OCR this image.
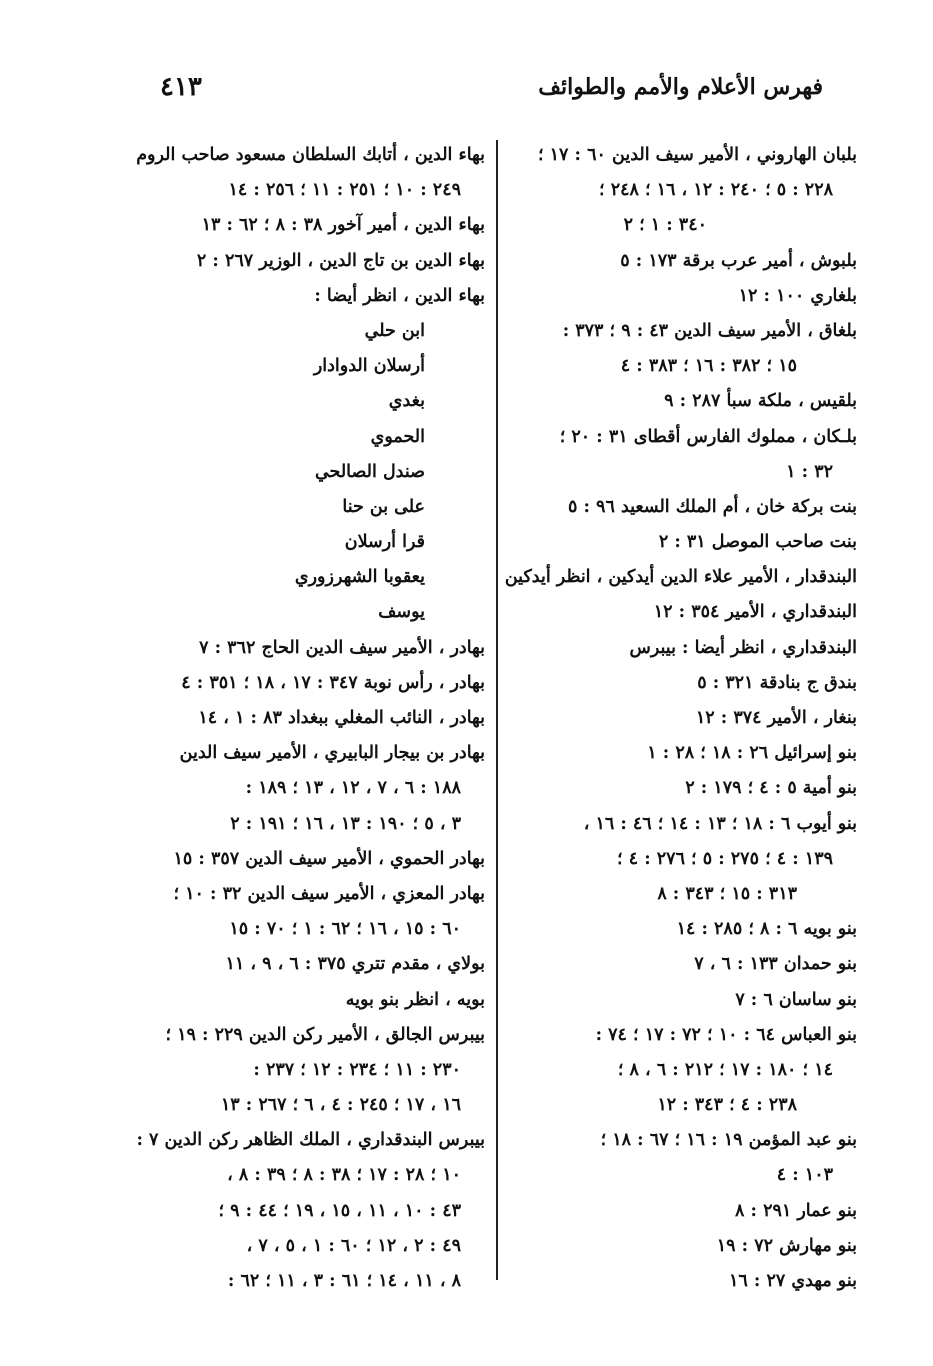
فهرس الأعلام والأمم والطوائف
٤١٣
بلبان الهاروني ، الأمير سيف الدين ٦٠ : ١٧ ؛
٢٢٨ : ٥ ؛ ٢٤٠ : ١٢ ، ١٦ ؛ ٢٤٨ ؛
٣٤٠ : ١ ؛ ٢
بلبوش ، أمير عرب برقة ١٧٣ : ٥
بلغاري ١٠٠ : ١٢
بلغاق ، الأمير سيف الدين ٤٣ : ٩ ؛ ٣٧٣ :
١٥ ؛ ٣٨٢ : ١٦ ؛ ٣٨٣ : ٤
بلقيس ، ملكة سبأ ٢٨٧ : ٩
بلـكان ، مملوك الفارس أقطاى ٣١ : ٢٠ ؛
٣٢ : ١
بنت بركة خان ، أم الملك السعيد ٩٦ : ٥
بنت صاحب الموصل ٣١ : ٢
البندقدار ، الأمير علاء الدين أيدكين ، انظر أيدكين
البندقداري ، الأمير ٣٥٤ : ١٢
البندقداري ، انظر أيضا : بيبرس
بندق ج بنادقة ٣٢١ : ٥
بنغار ، الأمير ٣٧٤ : ١٢
بنو إسرائيل ٢٦ : ١٨ ؛ ٢٨ : ١
بنو أمية ٥ : ٤ ؛ ١٧٩ : ٢
بنو أيوب ٦ : ١٨ ؛ ١٣ : ١٤ ؛ ٤٦ : ١٦ ،
١٣٩ : ٤ ؛ ٢٧٥ : ٥ ؛ ٢٧٦ : ٤ ؛
٣١٣ : ١٥ ؛ ٣٤٣ : ٨
بنو بويه ٦ : ٨ ؛ ٢٨٥ : ١٤
بنو حمدان ١٣٣ : ٦ ، ٧
بنو ساسان ٦ : ٧
بنو العباس ٦٤ : ١٠ ؛ ٧٢ : ١٧ ؛ ٧٤ :
١٤ ؛ ١٨٠ : ١٧ ؛ ٢١٢ : ٦ ، ٨ ؛
٢٣٨ : ٤ ؛ ٣٤٣ : ١٢
بنو عبد المؤمن ١٩ : ١٦ ؛ ٦٧ : ١٨ ؛
١٠٣ : ٤
بنو عمار ٢٩١ : ٨
بنو مهارش ٧٢ : ١٩
بنو مهدي ٢٧ : ١٦
بهاء الدين ، أتابك السلطان مسعود صاحب الروم
٢٤٩ : ١٠ ؛ ٢٥١ : ١١ ؛ ٢٥٦ : ١٤
بهاء الدين ، أمير آخور ٣٨ : ٨ ؛ ٦٢ : ١٣
بهاء الدين بن تاج الدين ، الوزير ٢٦٧ : ٢
بهاء الدين ، انظر أيضا :
ابن حلي
أرسلان الدوادار
بغدي
الحموي
صندل الصالحي
على بن حنا
قرا أرسلان
يعقوبا الشهرزوري
يوسف
بهادر ، الأمير سيف الدين الحاج ٣٦٢ : ٧
بهادر ، رأس نوبة ٣٤٧ : ١٧ ، ١٨ ؛ ٣٥١ : ٤
بهادر ، النائب المغلي ببغداد ٨٣ : ١ ، ١٤
بهادر بن بيجار البابيري ، الأمير سيف الدين
١٨٨ : ٦ ، ٧ ، ١٢ ، ١٣ ؛ ١٨٩ :
٣ ، ٥ ؛ ١٩٠ : ١٣ ، ١٦ ؛ ١٩١ : ٢
بهادر الحموي ، الأمير سيف الدين ٣٥٧ : ١٥
بهادر المعزي ، الأمير سيف الدين ٣٢ : ١٠ ؛
٦٠ : ١٥ ، ١٦ ؛ ٦٢ : ١ ؛ ٧٠ : ١٥
بولاي ، مقدم تتري ٣٧٥ : ٦ ، ٩ ، ١١
بويه ، انظر بنو بويه
بيبرس الجالق ، الأمير ركن الدين ٢٢٩ : ١٩ ؛
٢٣٠ : ١١ ؛ ٢٣٤ : ١٢ ؛ ٢٣٧ :
١٦ ، ١٧ ؛ ٢٤٥ : ٤ ، ٦ ؛ ٢٦٧ : ١٣
بيبرس البندقداري ، الملك الظاهر ركن الدين ٧ :
١٠ ؛ ٢٨ : ١٧ ؛ ٣٨ : ٨ ؛ ٣٩ : ٨ ،
٤٣ : ١٠ ، ١١ ، ١٥ ، ١٩ ؛ ٤٤ : ٩ ؛
٤٩ : ٢ ، ١٢ ؛ ٦٠ : ١ ، ٥ ، ٧ ،
٨ ، ١١ ، ١٤ ؛ ٦١ : ٣ ، ١١ ؛ ٦٢ :
